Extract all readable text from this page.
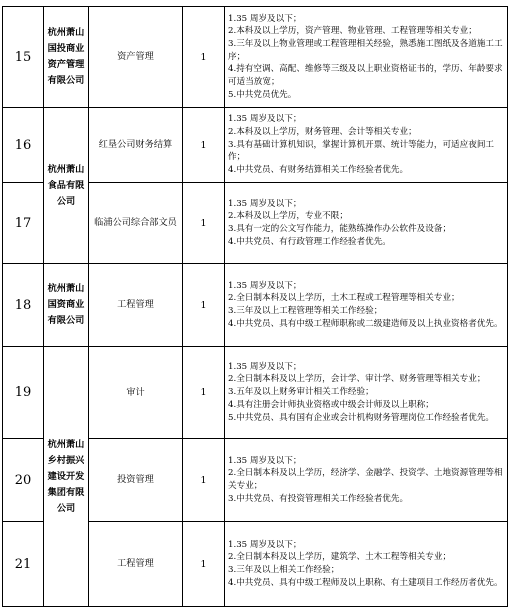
15	杭州萧山国投商业资产管理有限公司	资产管理	1	1.35 周岁及以下；
2.本科及以上学历，资产管理、物业管理、工程管理等相关专业；
3.三年及以上物业管理或工程管理相关经验，熟悉施工图纸及各道施工工序；
4.持有空调、高配、维修等三级及以上职业资格证书的，学历、年龄要求可适当放宽；
5.中共党员优先。

16	杭州萧山食品有限公司	红垦公司财务结算	1	1.35 周岁及以下；
2.本科及以上学历，财务管理、会计等相关专业；
3.具有基础计算机知识，掌握计算机开票、统计等能力，可适应夜间工作；
4.中共党员、有财务结算相关工作经验者优先。

17		临浦公司综合部文员	1	1.35 周岁及以下；
2.本科及以上学历，专业不限；
3.具有一定的公文写作能力，能熟练操作办公软件及设备；
4.中共党员、有行政管理工作经验者优先。

18	杭州萧山国资商业有限公司	工程管理	1	1.35 周岁及以下；
2.全日制本科及以上学历，土木工程或工程管理等相关专业；
3.三年及以上工程管理等相关工作经验；
4.中共党员、具有中级工程师职称或二级建造师及以上执业资格者优先。

19	杭州萧山乡村振兴建设开发集团有限公司	审计	1	1.35 周岁及以下；
2.全日制本科及以上学历，会计学、审计学、财务管理等相关专业；
3.五年及以上财务审计相关工作经验；
4.具有注册会计师执业资格或中级会计师及以上职称；
5.中共党员、具有国有企业或会计机构财务管理岗位工作经验者优先。

20		投资管理	1	1.35 周岁及以下；
2.全日制本科及以上学历，经济学、金融学、投资学、土地资源管理等相关专业；
3.中共党员、有投资管理相关工作经验者优先。

21		工程管理	1	1.35 周岁及以下；
2.全日制本科及以上学历，建筑学、土木工程等相关专业；
3.三年及以上相关工作经验；
4.中共党员、具有中级工程师及以上职称、有土建项目工作经历者优先。
